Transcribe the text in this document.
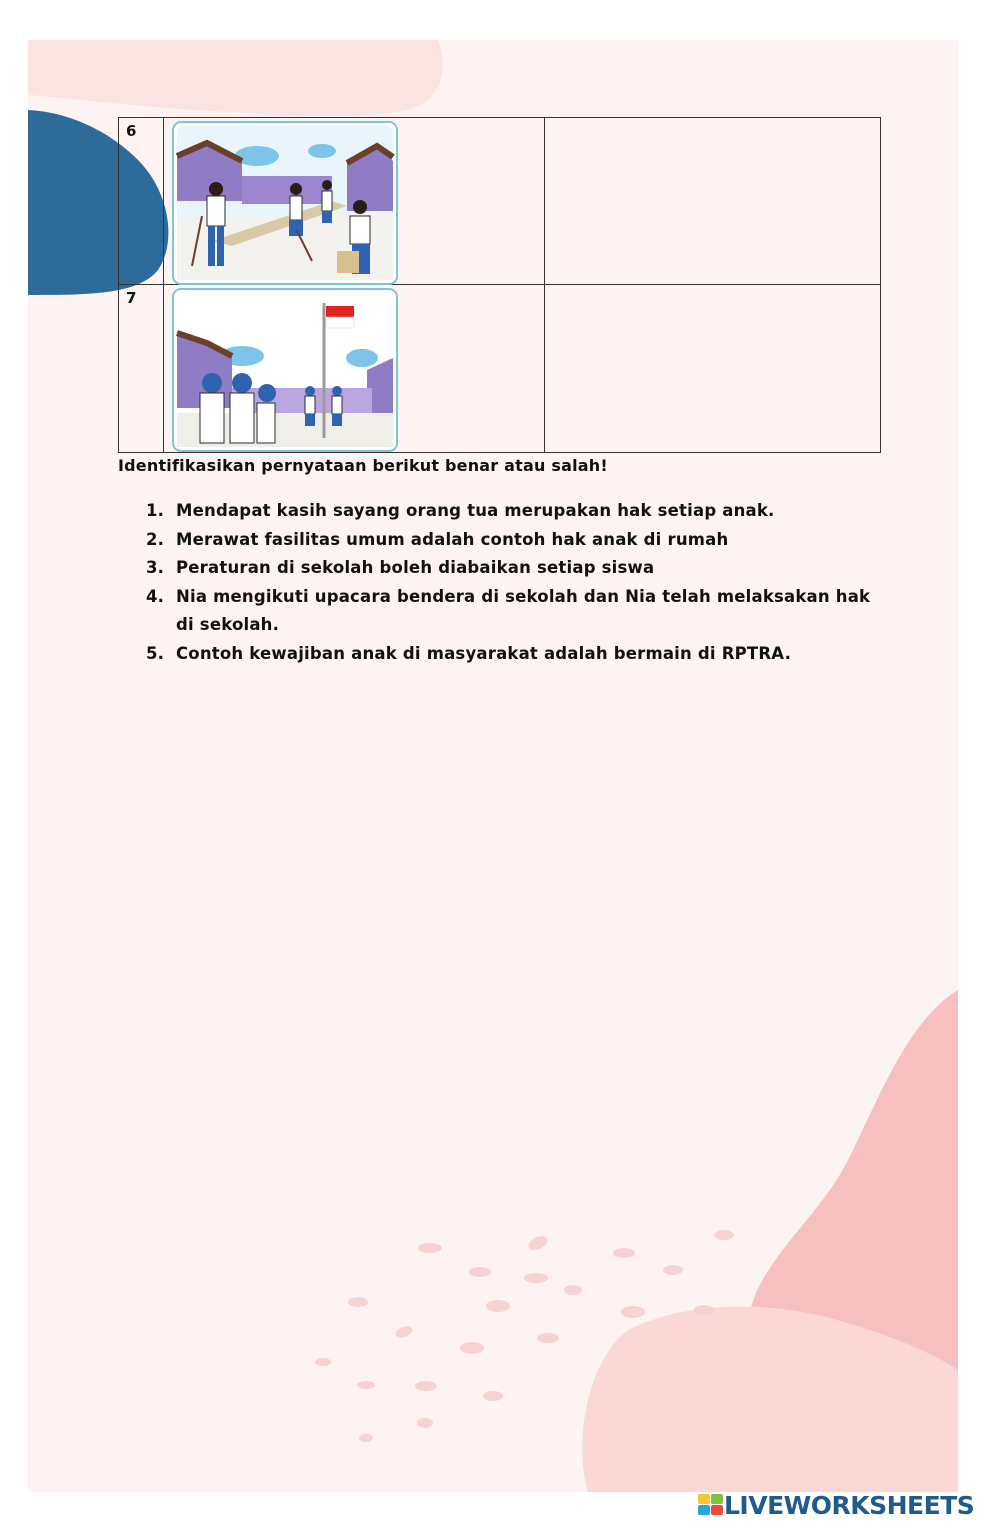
6	

7	

Identifikasikan pernyataan berikut benar atau salah!
1. Mendapat kasih sayang orang tua merupakan hak setiap anak.
2. Merawat fasilitas umum adalah contoh hak anak di rumah
3. Peraturan di sekolah boleh diabaikan setiap siswa
4. Nia mengikuti upacara bendera di sekolah dan Nia telah melaksakan hak di sekolah.
5. Contoh kewajiban anak di masyarakat adalah bermain di RPTRA.
LIVEWORKSHEETS
